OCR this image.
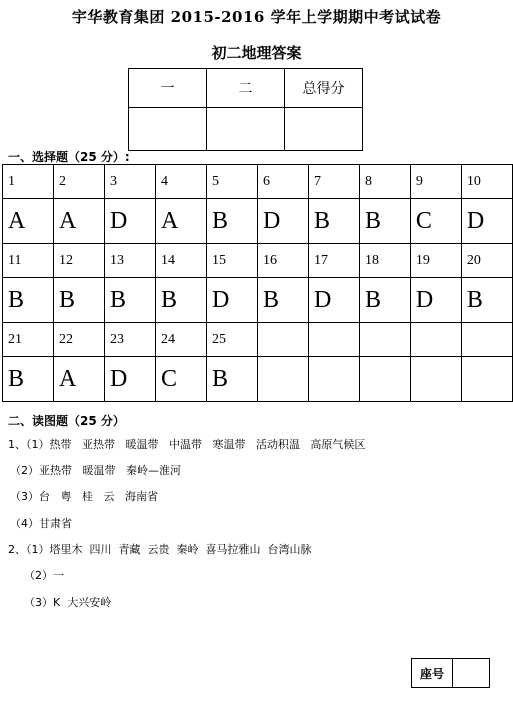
宇华教育集团 2015-2016 学年上学期期中考试试卷
初二地理答案
一	二	总得分

一、选择题（25 分）:
1	2	3	4	5	6	7	8	9	10
A	A	D	A	B	D	B	B	C	D
11	12	13	14	15	16	17	18	19	20
B	B	B	B	D	B	D	B	D	B
21	22	23	24	25					
B	A	D	C	B					
二、读图题（25 分）
1、（1）热带   亚热带   暖温带   中温带   寒温带   活动积温   高原气候区
（2）亚热带   暖温带   秦岭—淮河
（3）台   粤   桂   云   海南省
（4）甘肃省
2、（1）塔里木  四川  青藏  云贵  秦岭  喜马拉雅山  台湾山脉
（2）一
（3）K  大兴安岭
座号	
